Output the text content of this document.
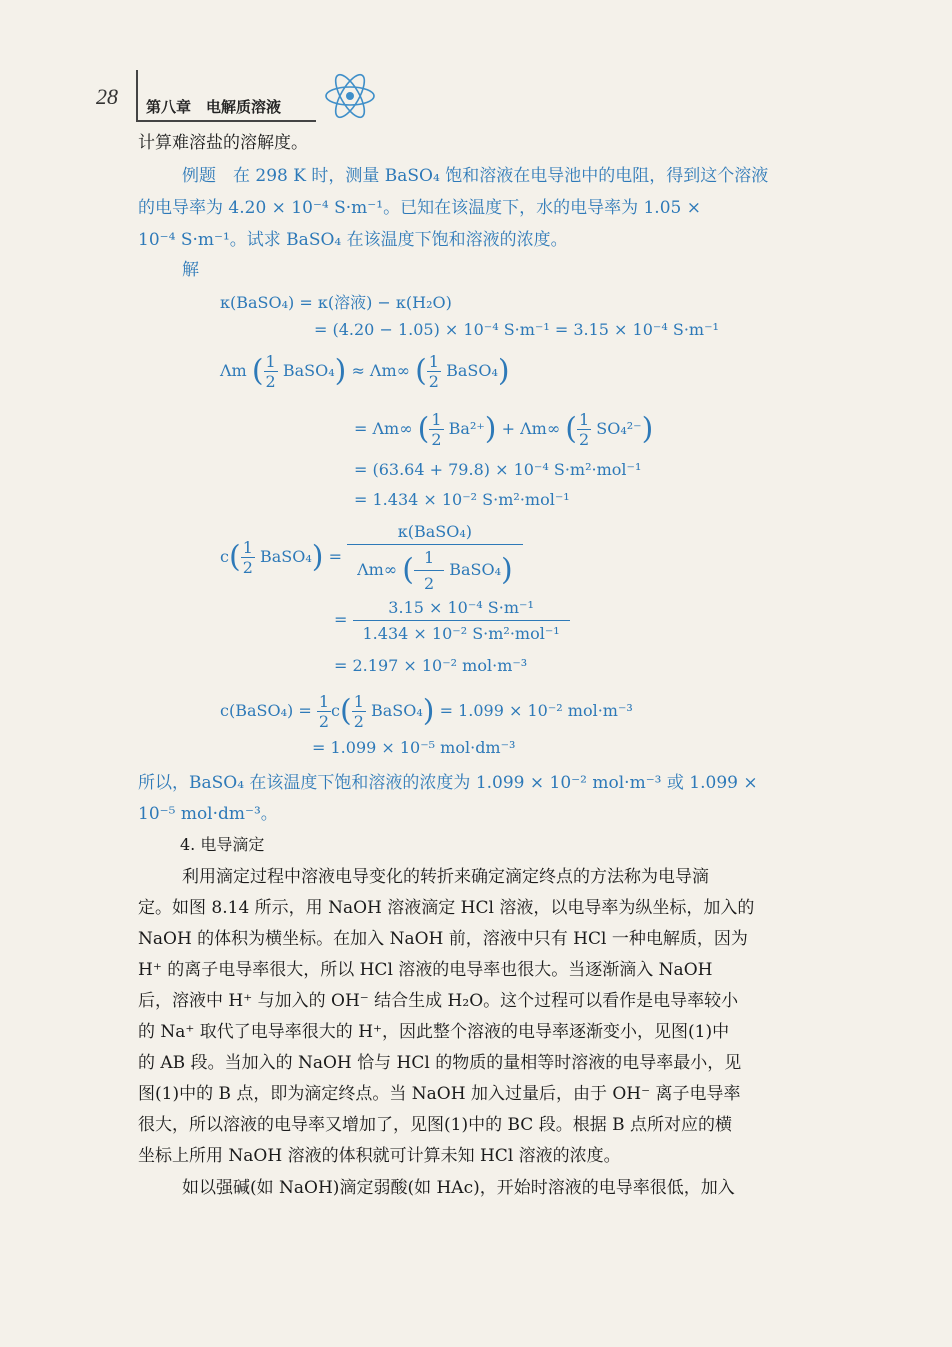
28 第八章　电解质溶液
计算难溶盐的溶解度。
例题　在 298 K 时，测量 BaSO₄ 饱和溶液在电导池中的电阻，得到这个溶液
的电导率为 4.20 × 10⁻⁴ S·m⁻¹。已知在该温度下，水的电导率为 1.05 ×
10⁻⁴ S·m⁻¹。试求 BaSO₄ 在该温度下饱和溶液的浓度。
解
κ(BaSO₄) = κ(溶液) − κ(H₂O)
= (4.20 − 1.05) × 10⁻⁴ S·m⁻¹ = 3.15 × 10⁻⁴ S·m⁻¹
Λm ( $\frac{1}{2}$ BaSO₄) ≈ Λm∞ ( $\frac{1}{2}$ BaSO₄)
= Λm∞ ( $\frac{1}{2} Ba^{2+}) + \Lambda m\infty$ ( $\frac{1}{2} SO_4^{2-}$)
= (63.64 + 79.8) × 10⁻⁴ S·m²·mol⁻¹
= 1.434 × 10⁻² S·m²·mol⁻¹
$c( \frac{1}{2}$ BaSO₄) = $\frac{\text{κ(BaSO₄)}}{\Lambda m\infty ( \frac{1}{2} BaSO_4)}$
= $\frac{\text{3.15 × 10⁻⁴ S·m⁻¹}}{\text{1.434 × 10⁻² S·m²·mol⁻¹}}$
= 2.197 × 10⁻² mol·m⁻³
c(BaSO₄) = $\frac{1}{2} c( \frac{1}{2}$ BaSO₄) = 1.099 × 10⁻² mol·m⁻³
= 1.099 × 10⁻⁵ mol·dm⁻³
所以，BaSO₄ 在该温度下饱和溶液的浓度为 1.099 × 10⁻² mol·m⁻³ 或 1.099 ×
10⁻⁵ mol·dm⁻³。
4. 电导滴定
利用滴定过程中溶液电导变化的转折来确定滴定终点的方法称为电导滴
定。如图 8.14 所示，用 NaOH 溶液滴定 HCl 溶液，以电导率为纵坐标，加入的
NaOH 的体积为横坐标。在加入 NaOH 前，溶液中只有 HCl 一种电解质，因为
H⁺ 的离子电导率很大，所以 HCl 溶液的电导率也很大。当逐渐滴入 NaOH
后，溶液中 H⁺ 与加入的 OH⁻ 结合生成 H₂O。这个过程可以看作是电导率较小
的 Na⁺ 取代了电导率很大的 H⁺，因此整个溶液的电导率逐渐变小，见图(1)中
的 AB 段。当加入的 NaOH 恰与 HCl 的物质的量相等时溶液的电导率最小，见
图(1)中的 B 点，即为滴定终点。当 NaOH 加入过量后，由于 OH⁻ 离子电导率
很大，所以溶液的电导率又增加了，见图(1)中的 BC 段。根据 B 点所对应的横
坐标上所用 NaOH 溶液的体积就可计算未知 HCl 溶液的浓度。
如以强碱(如 NaOH)滴定弱酸(如 HAc)，开始时溶液的电导率很低，加入
